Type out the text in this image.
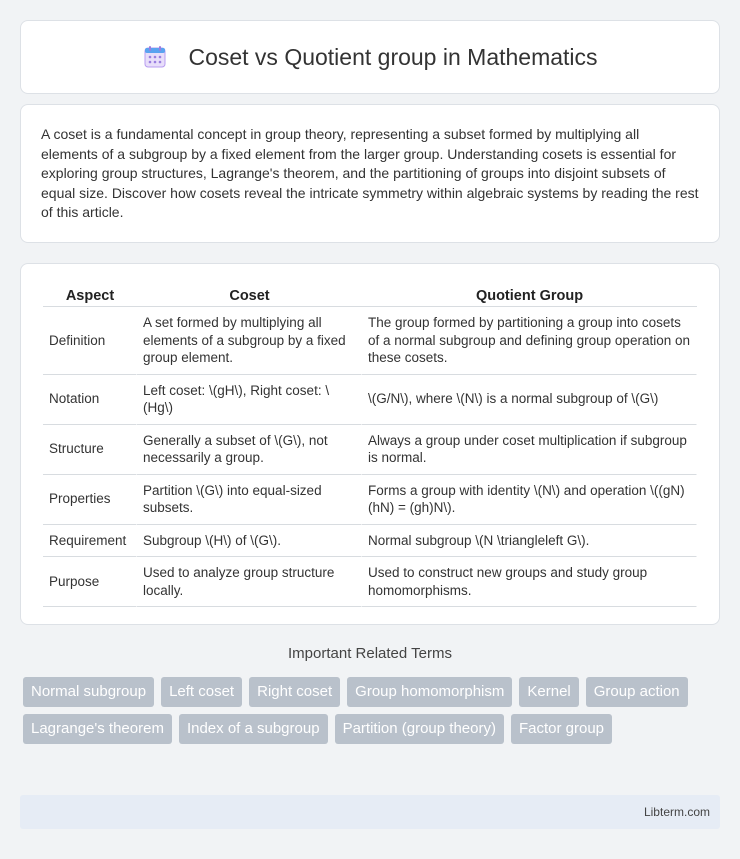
Coset vs Quotient group in Mathematics

A coset is a fundamental concept in group theory, representing a subset formed by multiplying all elements of a subgroup by a fixed element from the larger group. Understanding cosets is essential for exploring group structures, Lagrange's theorem, and the partitioning of groups into disjoint subsets of equal size. Discover how cosets reveal the intricate symmetry within algebraic systems by reading the rest of this article.

Aspect	Coset	Quotient Group
Definition	A set formed by multiplying all elements of a subgroup by a fixed group element.	The group formed by partitioning a group into cosets of a normal subgroup and defining group operation on these cosets.
Notation	Left coset: \(gH\), Right coset: \(Hg\)	\(G/N\), where \(N\) is a normal subgroup of \(G\)
Structure	Generally a subset of \(G\), not necessarily a group.	Always a group under coset multiplication if subgroup is normal.
Properties	Partition \(G\) into equal-sized subsets.	Forms a group with identity \(N\) and operation \((gN)(hN) = (gh)N\).
Requirement	Subgroup \(H\) of \(G\).	Normal subgroup \(N \triangleleft G\).
Purpose	Used to analyze group structure locally.	Used to construct new groups and study group homomorphisms.
Important Related Terms
Normal subgroup	Left coset	Right coset	Group homomorphism	Kernel	Group action
Lagrange's theorem	Index of a subgroup	Partition (group theory)	Factor group
Libterm.com
